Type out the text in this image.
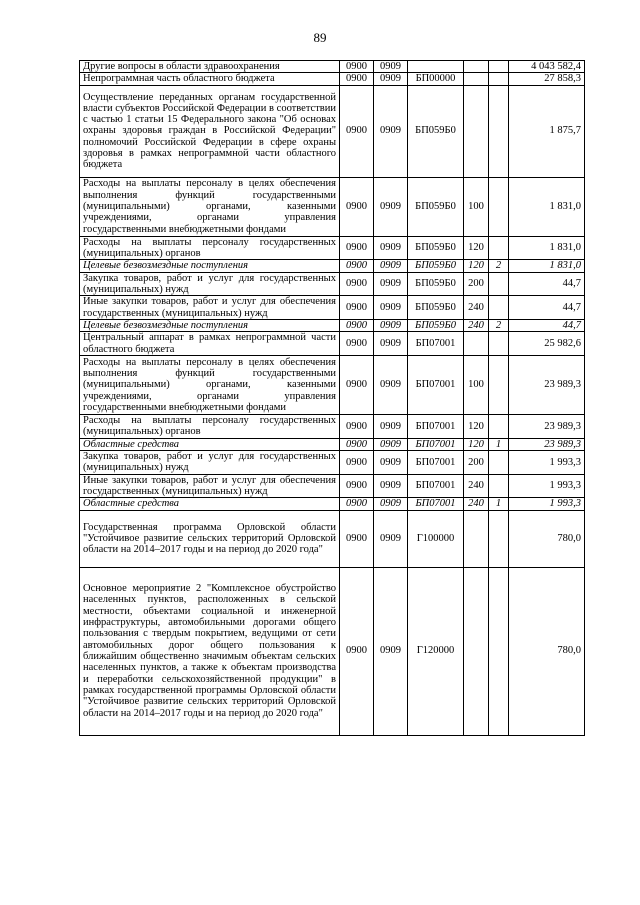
89
Другие вопросы в области здравоохранения	0900	0909				4 043 582,4
Непрограммная часть областного бюджета	0900	0909	БП00000			27 858,3
Осуществление переданных органам государственной власти субъектов Российской Федерации в соответствии с частью 1 статьи 15 Федерального закона "Об основах охраны здоровья граждан в Российской Федерации" полномочий Российской Федерации в сфере охраны здоровья в рамках непрограммной части областного бюджета	0900	0909	БП059Б0			1 875,7
Расходы на выплаты персоналу в целях обеспечения выполнения функций государственными (муниципальными) органами, казенными учреждениями, органами управления государственными внебюджетными фондами	0900	0909	БП059Б0	100		1 831,0
Расходы на выплаты персоналу государственных (муниципальных) органов	0900	0909	БП059Б0	120		1 831,0
Целевые безвозмездные поступления	0900	0909	БП059Б0	120	2	1 831,0
Закупка товаров, работ и услуг для государственных (муниципальных) нужд	0900	0909	БП059Б0	200		44,7
Иные закупки товаров, работ и услуг для обеспечения государственных (муниципальных) нужд	0900	0909	БП059Б0	240		44,7
Целевые безвозмездные поступления	0900	0909	БП059Б0	240	2	44,7
Центральный аппарат в рамках непрограммной части областного бюджета	0900	0909	БП07001			25 982,6
Расходы на выплаты персоналу в целях обеспечения выполнения функций государственными (муниципальными) органами, казенными учреждениями, органами управления государственными внебюджетными фондами	0900	0909	БП07001	100		23 989,3
Расходы на выплаты персоналу государственных (муниципальных) органов	0900	0909	БП07001	120		23 989,3
Областные средства	0900	0909	БП07001	120	1	23 989,3
Закупка товаров, работ и услуг для государственных (муниципальных) нужд	0900	0909	БП07001	200		1 993,3
Иные закупки товаров, работ и услуг для обеспечения государственных (муниципальных) нужд	0900	0909	БП07001	240		1 993,3
Областные средства	0900	0909	БП07001	240	1	1 993,3
Государственная программа Орловской области "Устойчивое развитие сельских территорий Орловской области на 2014–2017 годы и на период до 2020 года"	0900	0909	Г100000			780,0
Основное мероприятие 2 "Комплексное обустройство населенных пунктов, расположенных в сельской местности, объектами социальной и инженерной инфраструктуры, автомобильными дорогами общего пользования с твердым покрытием, ведущими от сети автомобильных дорог общего пользования к ближайшим общественно значимым объектам сельских населенных пунктов, а также к объектам производства и переработки сельскохозяйственной продукции" в рамках государственной программы Орловской области "Устойчивое развитие сельских территорий Орловской области на 2014–2017 годы и на период до 2020 года"	0900	0909	Г120000			780,0
